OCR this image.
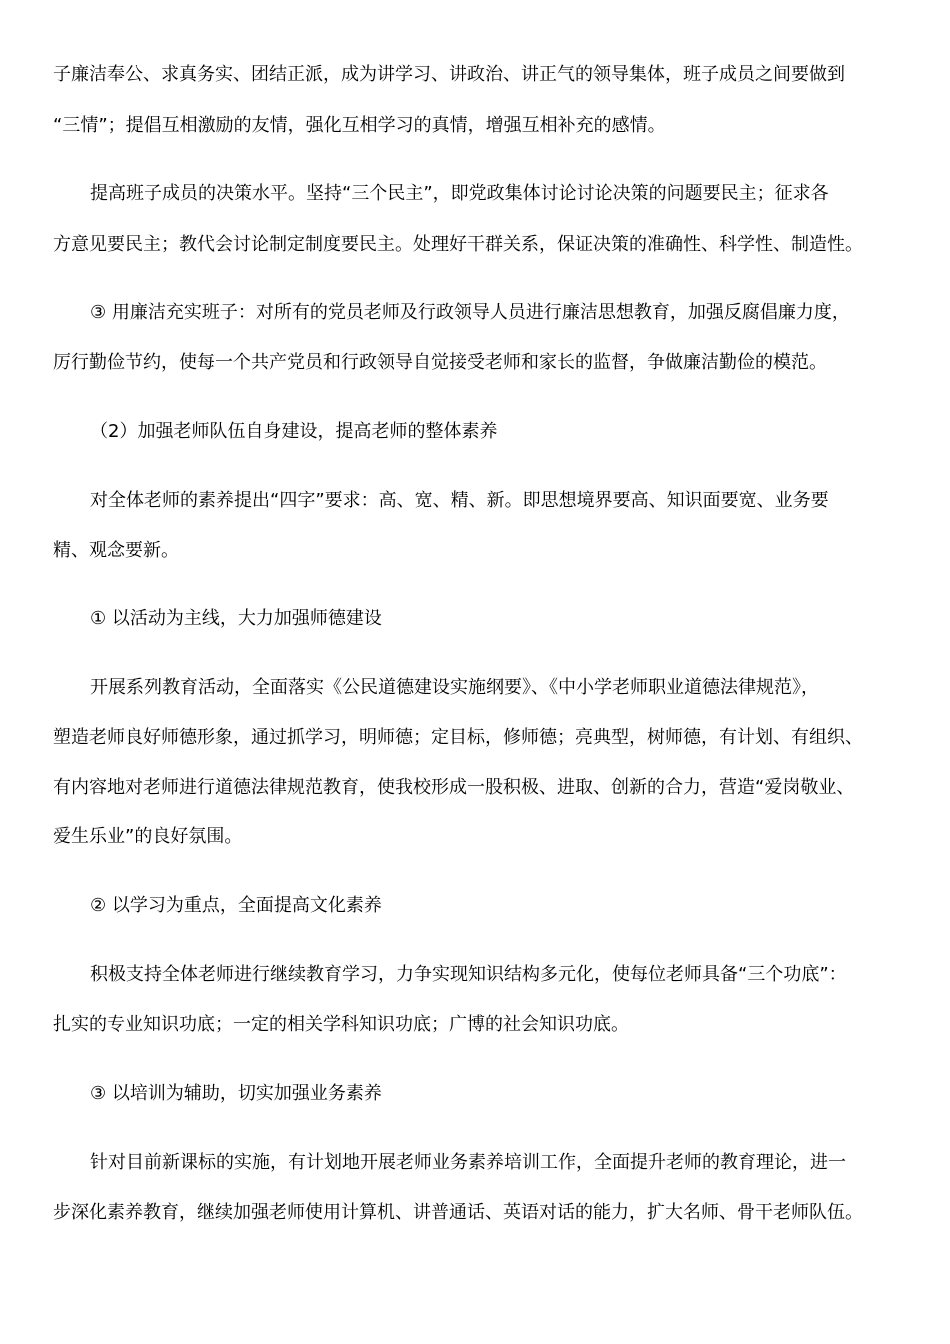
子廉洁奉公、求真务实、团结正派，成为讲学习、讲政治、讲正气的领导集体，班子成员之间要做到

“三情”；提倡互相激励的友情，强化互相学习的真情，增强互相补充的感情。

提高班子成员的决策水平。坚持“三个民主”，即党政集体讨论讨论决策的问题要民主；征求各

方意见要民主；教代会讨论制定制度要民主。处理好干群关系，保证决策的准确性、科学性、制造性。

③ 用廉洁充实班子：对所有的党员老师及行政领导人员进行廉洁思想教育，加强反腐倡廉力度，

厉行勤俭节约，使每一个共产党员和行政领导自觉接受老师和家长的监督，争做廉洁勤俭的模范。

（2）加强老师队伍自身建设，提高老师的整体素养

对全体老师的素养提出“四字”要求：高、宽、精、新。即思想境界要高、知识面要宽、业务要

精、观念要新。

① 以活动为主线，大力加强师德建设

开展系列教育活动，全面落实《公民道德建设实施纲要》、《中小学老师职业道德法律规范》，

塑造老师良好师德形象，通过抓学习，明师德；定目标，修师德；亮典型，树师德，有计划、有组织、

有内容地对老师进行道德法律规范教育，使我校形成一股积极、进取、创新的合力，营造“爱岗敬业、

爱生乐业”的良好氛围。

② 以学习为重点，全面提高文化素养

积极支持全体老师进行继续教育学习，力争实现知识结构多元化，使每位老师具备“三个功底”：

扎实的专业知识功底；一定的相关学科知识功底；广博的社会知识功底。

③ 以培训为辅助，切实加强业务素养

针对目前新课标的实施，有计划地开展老师业务素养培训工作，全面提升老师的教育理论，进一

步深化素养教育，继续加强老师使用计算机、讲普通话、英语对话的能力，扩大名师、骨干老师队伍。
